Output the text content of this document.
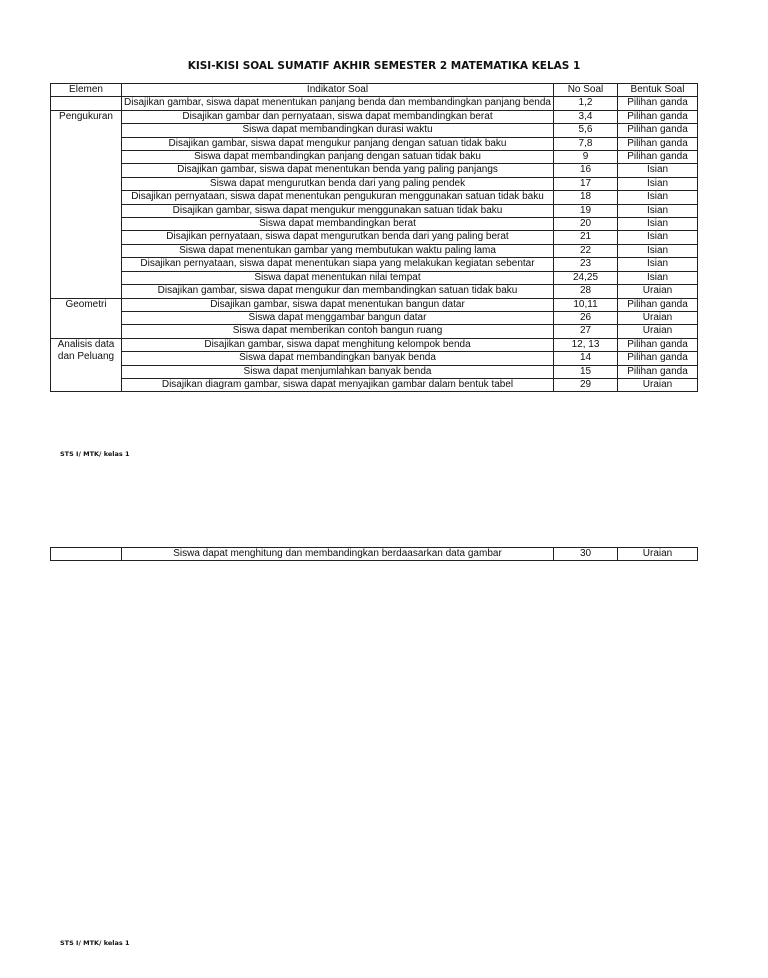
KISI-KISI SOAL SUMATIF AKHIR SEMESTER 2 MATEMATIKA KELAS 1
Elemen	Indikator Soal	No Soal	Bentuk Soal
	Disajikan gambar, siswa dapat menentukan panjang benda dan membandingkan panjang benda	1,2	Pilihan ganda
Pengukuran	Disajikan gambar dan pernyataan, siswa dapat membandingkan berat	3,4	Pilihan ganda
	Siswa dapat membandingkan durasi waktu	5,6	Pilihan ganda
	Disajikan gambar, siswa dapat mengukur panjang dengan satuan tidak baku	7,8	Pilihan ganda
	Siswa dapat membandingkan panjang dengan satuan tidak baku	9	Pilihan ganda
	Disajikan gambar, siswa dapat menentukan benda yang paling panjangs	16	Isian
	Siswa dapat mengurutkan benda dari yang paling pendek	17	Isian
	Disajikan pernyataan, siswa dapat menentukan pengukuran menggunakan satuan tidak baku	18	Isian
	Disajikan gambar, siswa dapat mengukur menggunakan satuan tidak baku	19	Isian
	Siswa dapat membandingkan berat	20	Isian
	Disajikan pernyataan, siswa dapat mengurutkan benda dari yang paling berat	21	Isian
	Siswa dapat menentukan gambar yang membutukan waktu paling lama	22	Isian
	Disajikan pernyataan, siswa dapat menentukan siapa yang melakukan kegiatan sebentar	23	Isian
	Siswa dapat menentukan nilai tempat	24,25	Isian
	Disajikan gambar, siswa dapat mengukur dan membandingkan satuan tidak baku	28	Uraian
Geometri	Disajikan gambar, siswa dapat menentukan bangun datar	10,11	Pilihan ganda
	Siswa dapat menggambar bangun datar	26	Uraian
	Siswa dapat memberikan contoh bangun ruang	27	Uraian
Analisis data dan Peluang	Disajikan gambar, siswa dapat menghitung kelompok benda	12, 13	Pilihan ganda
	Siswa dapat membandingkan banyak benda	14	Pilihan ganda
	Siswa dapat menjumlahkan banyak benda	15	Pilihan ganda
	Disajikan diagram gambar, siswa dapat menyajikan gambar dalam bentuk tabel	29	Uraian
STS I/ MTK/ kelas 1
	Siswa dapat menghitung dan membandingkan berdaasarkan data gambar	30	Uraian
STS I/ MTK/ kelas 1
